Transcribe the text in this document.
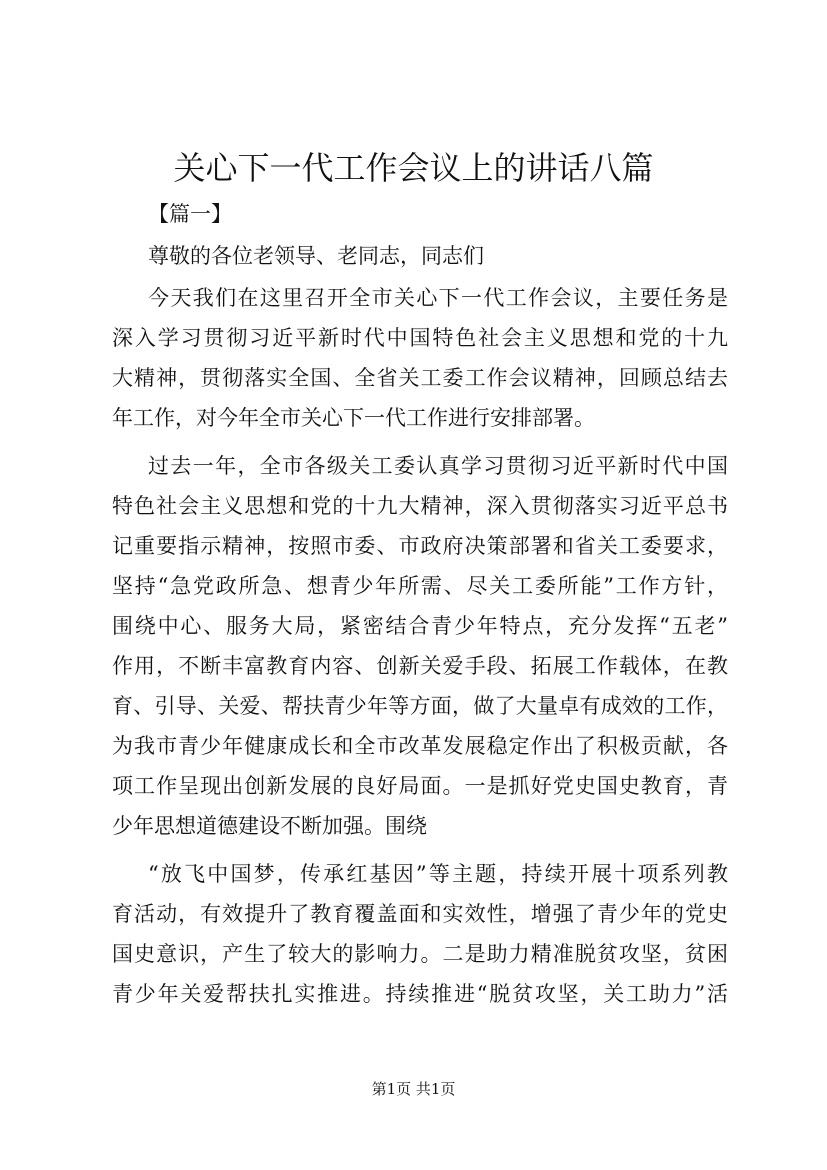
关心下一代工作会议上的讲话八篇
【篇一】
尊敬的各位老领导、老同志，同志们
今天我们在这里召开全市关心下一代工作会议，主要任务是
深入学习贯彻习近平新时代中国特色社会主义思想和党的十九
大精神，贯彻落实全国、全省关工委工作会议精神，回顾总结去
年工作，对今年全市关心下一代工作进行安排部署。
过去一年，全市各级关工委认真学习贯彻习近平新时代中国
特色社会主义思想和党的十九大精神，深入贯彻落实习近平总书
记重要指示精神，按照市委、市政府决策部署和省关工委要求，
坚持“急党政所急、想青少年所需、尽关工委所能”工作方针，
围绕中心、服务大局，紧密结合青少年特点，充分发挥“五老”
作用，不断丰富教育内容、创新关爱手段、拓展工作载体，在教
育、引导、关爱、帮扶青少年等方面，做了大量卓有成效的工作，
为我市青少年健康成长和全市改革发展稳定作出了积极贡献，各
项工作呈现出创新发展的良好局面。一是抓好党史国史教育，青
少年思想道德建设不断加强。围绕
“放飞中国梦，传承红基因”等主题，持续开展十项系列教
育活动，有效提升了教育覆盖面和实效性，增强了青少年的党史
国史意识，产生了较大的影响力。二是助力精准脱贫攻坚，贫困
青少年关爱帮扶扎实推进。持续推进“脱贫攻坚，关工助力”活
第1页 共1页
